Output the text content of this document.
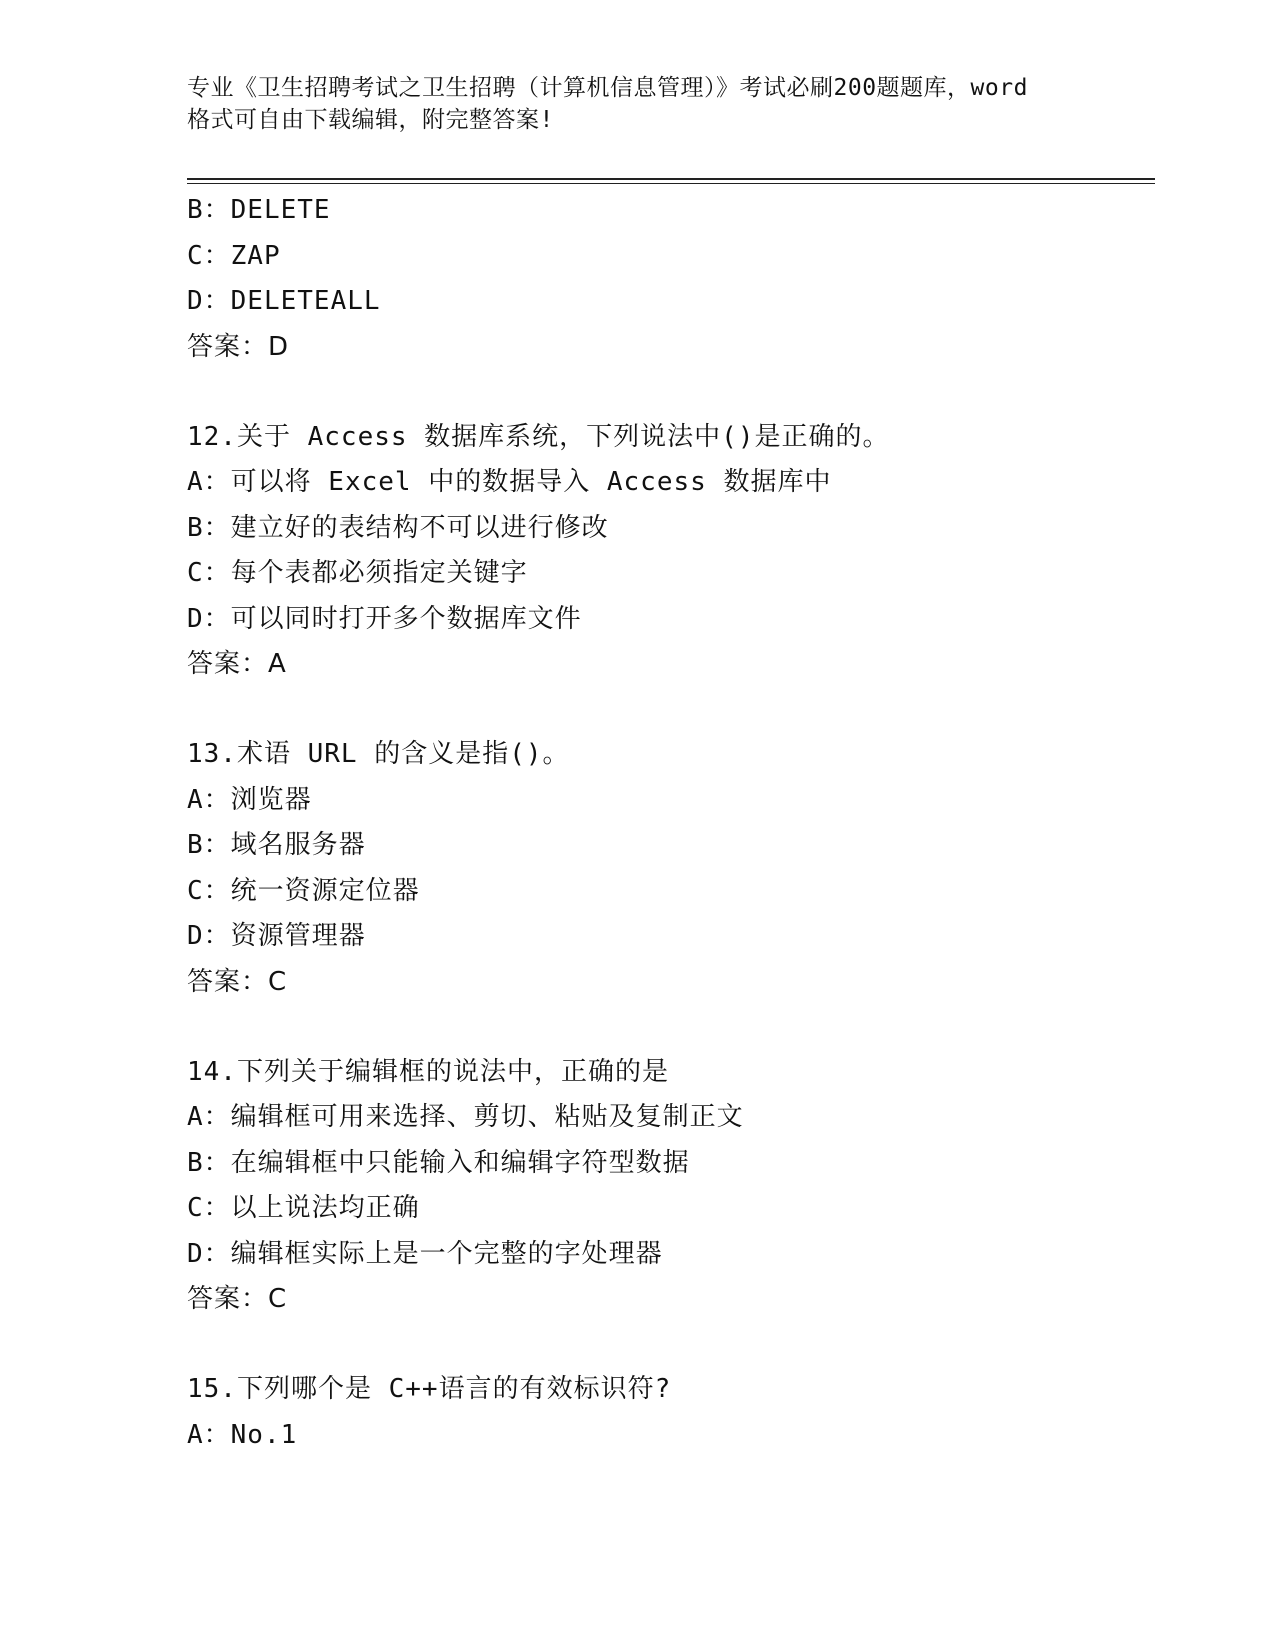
专业《卫生招聘考试之卫生招聘（计算机信息管理）》考试必刷200题题库，word
格式可自由下载编辑，附完整答案!
B：DELETE
C：ZAP
D：DELETEALL
答案：D
12.关于 Access 数据库系统，下列说法中()是正确的。
A：可以将 Excel 中的数据导入 Access 数据库中
B：建立好的表结构不可以进行修改
C：每个表都必须指定关键字
D：可以同时打开多个数据库文件
答案：A
13.术语 URL 的含义是指()。
A：浏览器
B：域名服务器
C：统一资源定位器
D：资源管理器
答案：C
14.下列关于编辑框的说法中，正确的是
A：编辑框可用来选择、剪切、粘贴及复制正文
B：在编辑框中只能输入和编辑字符型数据
C：以上说法均正确
D：编辑框实际上是一个完整的字处理器
答案：C
15.下列哪个是 C++语言的有效标识符?
A：No.1
